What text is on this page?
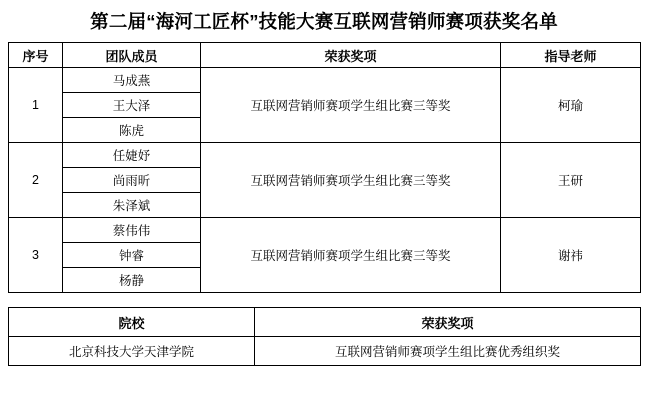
第二届“海河工匠杯”技能大赛互联网营销师赛项获奖名单
序号	团队成员	荣获奖项	指导老师
1	马成燕	互联网营销师赛项学生组比赛三等奖	柯瑜
	王大泽		
	陈虎		
2	任婕妤	互联网营销师赛项学生组比赛三等奖	王研
	尚雨昕		
	朱泽斌		
3	蔡伟伟	互联网营销师赛项学生组比赛三等奖	谢祎
	钟睿		
	杨静		
院校	荣获奖项
北京科技大学天津学院	互联网营销师赛项学生组比赛优秀组织奖
